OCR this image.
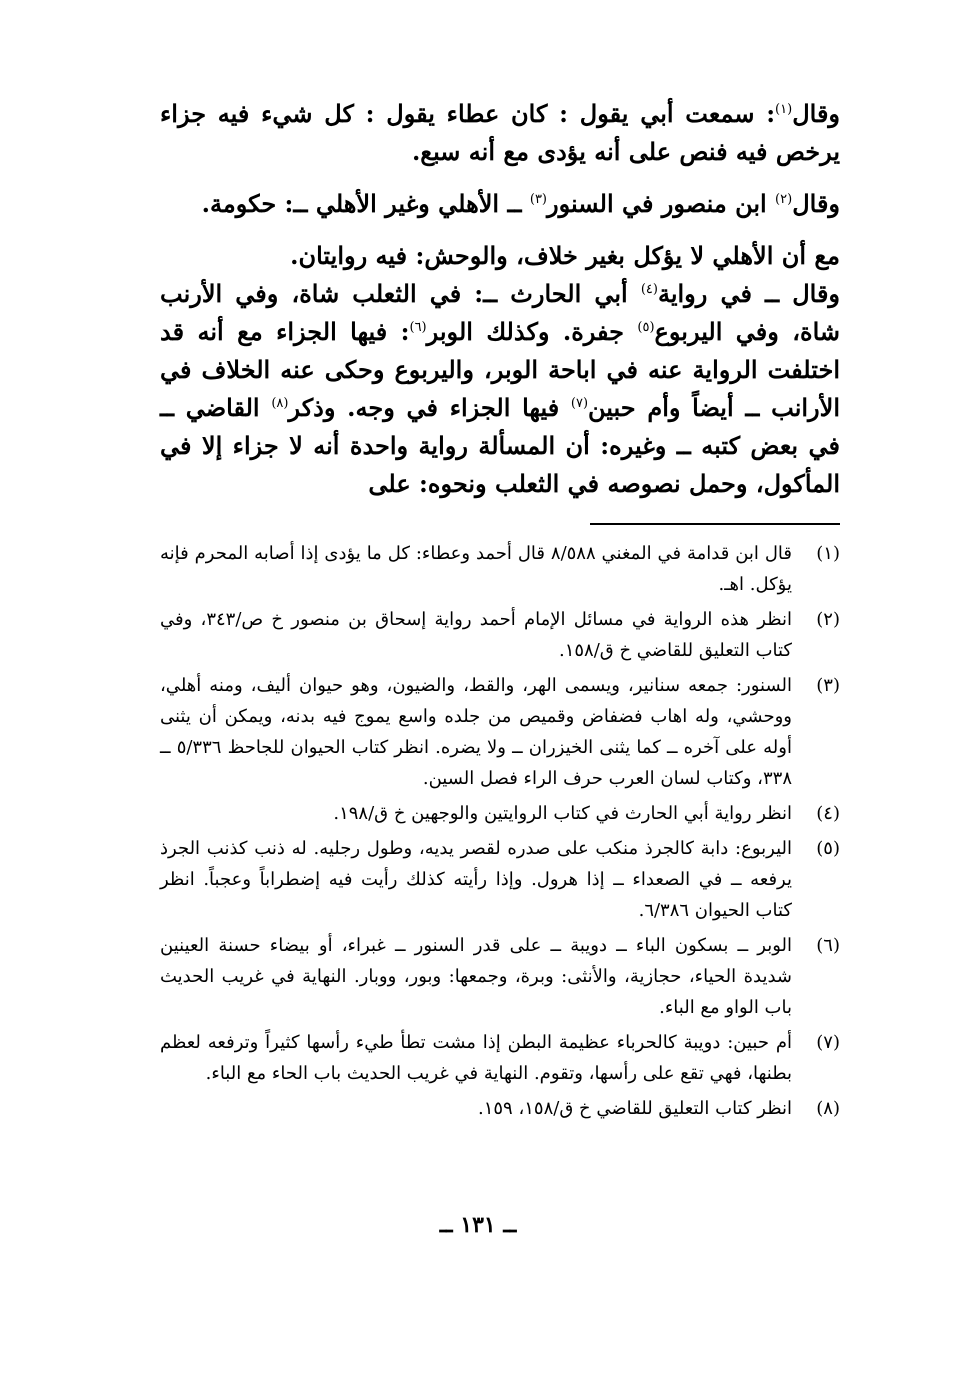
وقال$^{(١)}$: سمعت أبي يقول : كان عطاء يقول : كل شيء فيه جزاء يرخص فيه فنص على أنه يؤدى مع أنه سبع.

وقال$^{(٢)}$ ابن منصور في السنور$^{(٣)}$ ــ الأهلي وغير الأهلي ــ: حكومة.

مع أن الأهلي لا يؤكل بغير خلاف، والوحش: فيه روايتان.

وقال ــ في رواية$^{(٤)}$ أبي الحارث ــ: في الثعلب شاة، وفي الأرنب شاة، وفي اليربوع$^{(٥)}$ جفرة. وكذلك الوبر$^{(٦)}$: فيها الجزاء مع أنه قد اختلفت الرواية عنه في اباحة الوبر، واليربوع وحكى عنه الخلاف في الأرانب ــ أيضاً وأم حبين$^{(٧)}$ فيها الجزاء في وجه. وذكر$^{(٨)}$ القاضي ــ في بعض كتبه ــ وغيره: أن المسألة رواية واحدة أنه لا جزاء إلا في المأكول، وحمل نصوصه في الثعلب ونحوه: على

(١)
قال ابن قدامة في المغني ٨/٥٨٨ قال أحمد وعطاء: كل ما يؤدى إذا أصابه المحرم فإنه يؤكل. اهـ.
(٢)
انظر هذه الرواية في مسائل الإمام أحمد رواية إسحاق بن منصور خ ص/٣٤٣، وفي كتاب التعليق للقاضي خ ق/١٥٨.
(٣)
السنور: جمعه سنانير، ويسمى الهر، والقط، والضيون، وهو حيوان أليف، ومنه أهلي، ووحشي، وله اهاب فضفاض وقميص من جلده واسع يموج فيه بدنه، ويمكن أن يثنى أوله على آخره ــ كما يثنى الخيزران ــ ولا يضره. انظر كتاب الحيوان للجاحظ ٥/٣٣٦ ــ ٣٣٨، وكتاب لسان العرب حرف الراء فصل السين.
(٤)
انظر رواية أبي الحارث في كتاب الروايتين والوجهين خ ق/١٩٨.
(٥)
اليربوع: دابة كالجرذ منكب على صدره لقصر يديه، وطول رجليه. له ذنب كذنب الجرذ يرفعه ــ في الصعداء ــ إذا هرول. وإذا رأيته كذلك رأيت فيه إضطراباً وعجباً. انظر كتاب الحيوان ٦/٣٨٦.
(٦)
الوبر ــ بسكون الباء ــ دويبة ــ على قدر السنور ــ غبراء، أو بيضاء حسنة العينين شديدة الحياء، حجازية، والأنثى: وبرة، وجمعها: وبور، ووبار. النهاية في غريب الحديث باب الواو مع الباء.
(٧)
أم حبين: دويبة كالحرباء عظيمة البطن إذا مشت تطأ طيء رأسها كثيراً وترفعه لعظم بطنها، فهي تقع على رأسها، وتقوم. النهاية في غريب الحديث باب الحاء مع الباء.
(٨)
انظر كتاب التعليق للقاضي خ ق/١٥٨، ١٥٩.
ــ ١٣١ ــ
